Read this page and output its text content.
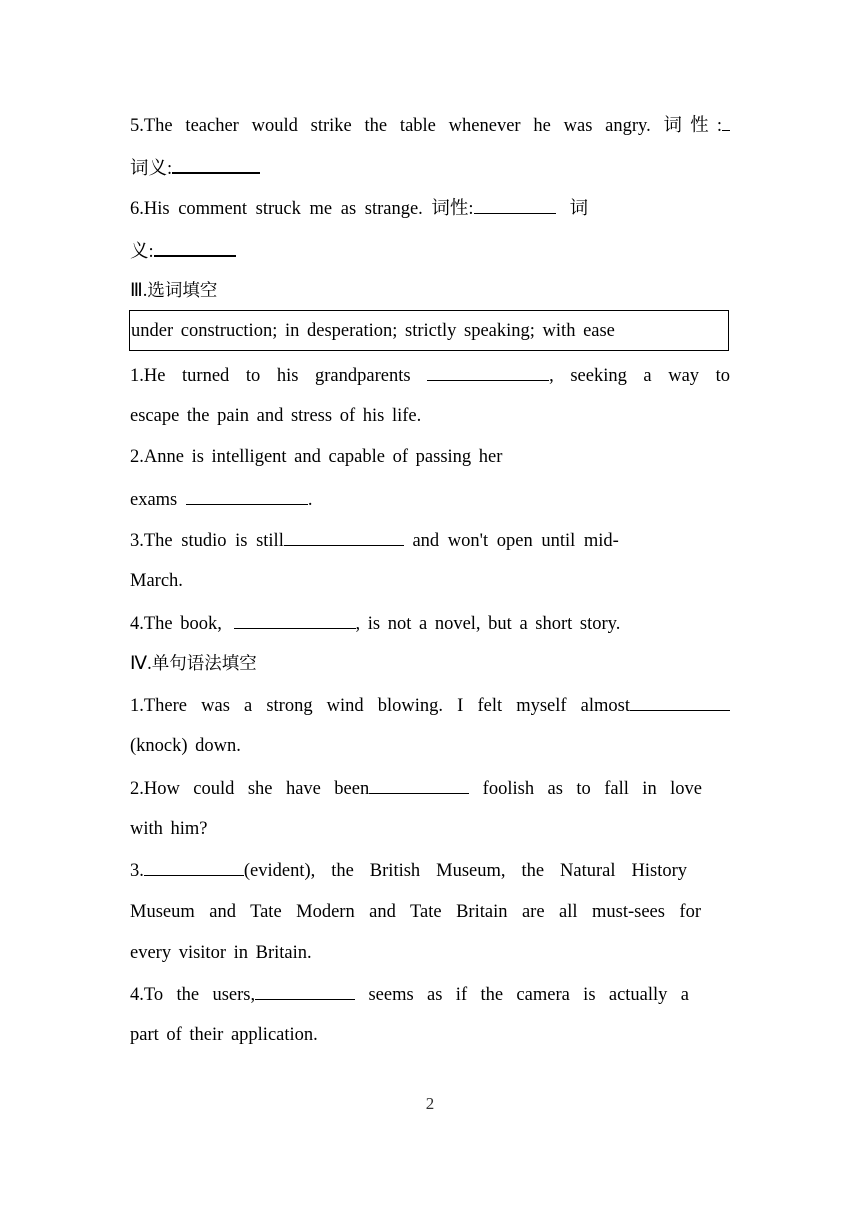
5.The teacher would strike the table whenever he was angry. 词性:
词义:
6.His comment struck me as strange. 词性:	词
义:
Ⅲ.选词填空
under construction; in desperation; strictly speaking; with ease
1.He turned to his grandparents	, seeking a way to
escape the pain and stress of his life.
2.Anne is intelligent and capable of passing her
exams	.
3.The studio is still	and won't open until mid-
March.
4.The book,	, is not a novel, but a short story.
Ⅳ.单句语法填空
1.There was a strong wind blowing. I felt myself almost
(knock) down.
2.How could she have been	foolish as to fall in love
with him?
3.	(evident), the British Museum, the Natural History
Museum and Tate Modern and Tate Britain are all must-sees for
every visitor in Britain.
4.To the users,	seems as if the camera is actually a
part of their application.
2
